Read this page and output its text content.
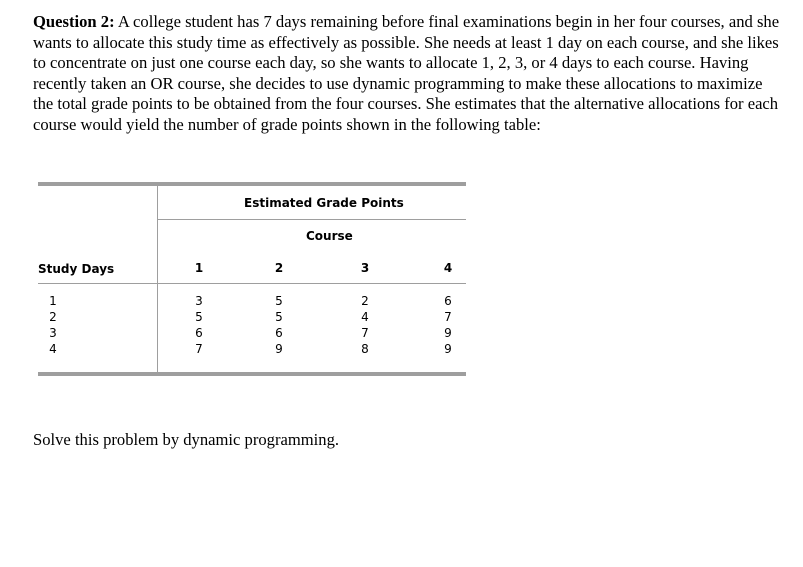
Question 2: A college student has 7 days remaining before final examinations begin in her four courses, and she wants to allocate this study time as effectively as possible. She needs at least 1 day on each course, and she likes to concentrate on just one course each day, so she wants to allocate 1, 2, 3, or 4 days to each course. Having recently taken an OR course, she decides to use dynamic programming to make these allocations to maximize the total grade points to be obtained from the four courses. She estimates that the alternative allocations for each course would yield the number of grade points shown in the following table:

Estimated Grade Points
Course
Study Days	1	2	3	4
1	3	5	2	6
2	5	5	4	7
3	6	6	7	9
4	7	9	8	9

Solve this problem by dynamic programming.
